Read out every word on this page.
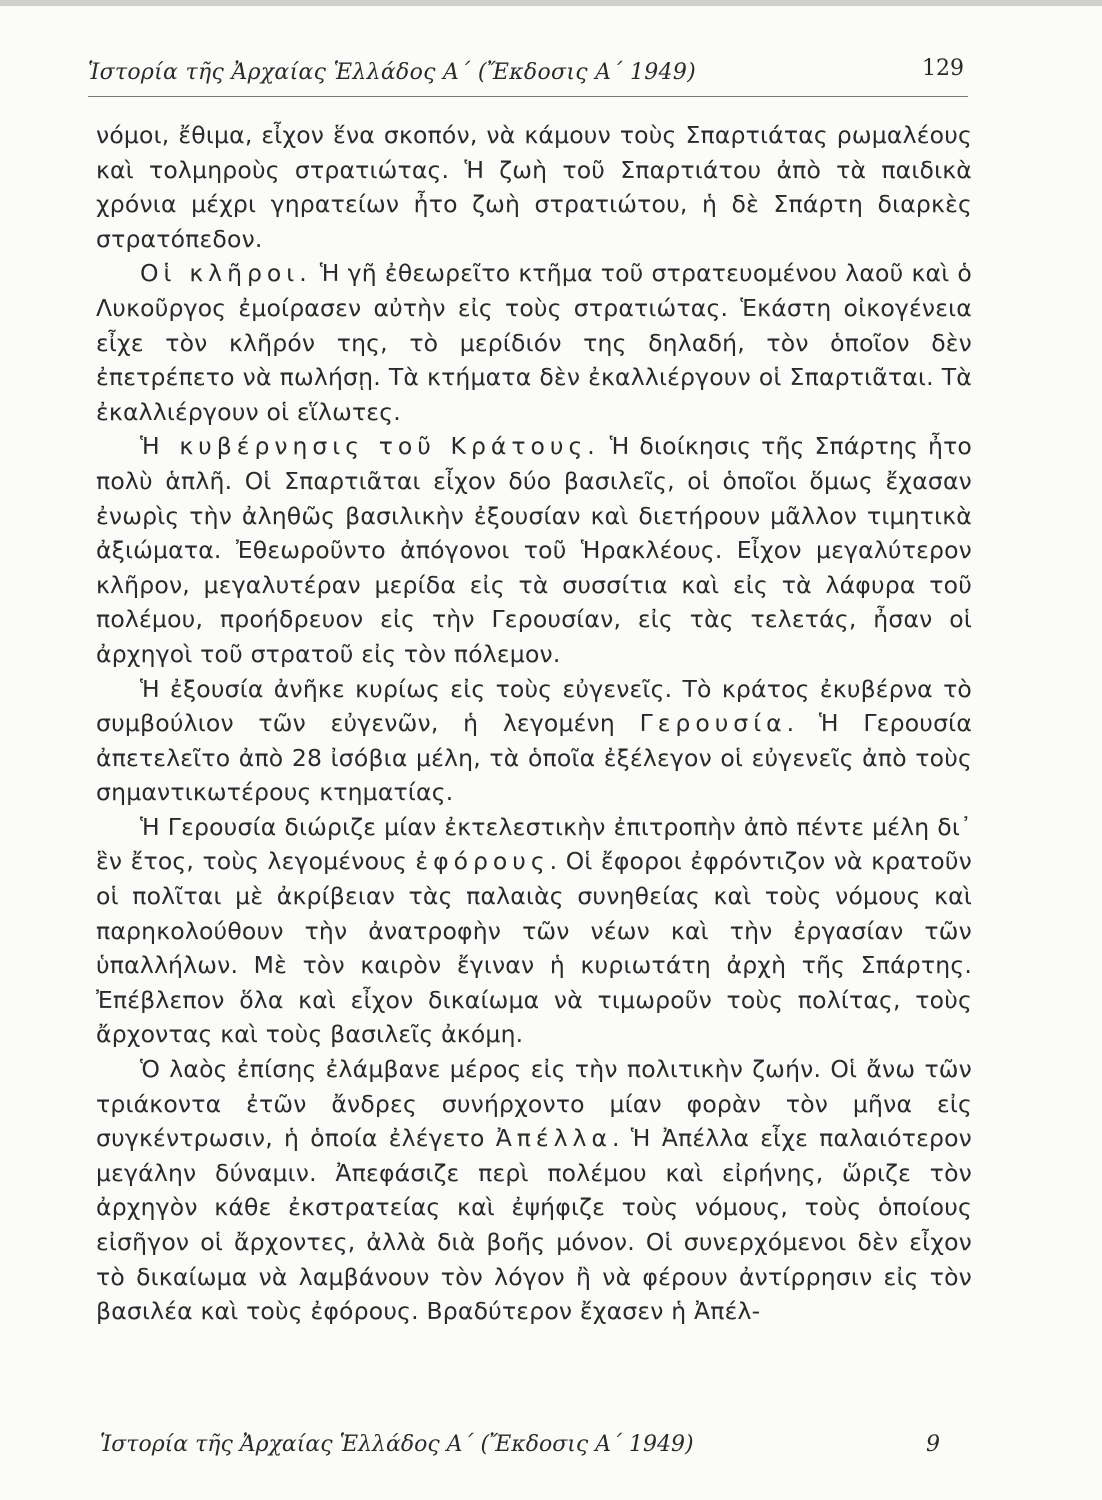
Ἱστορία τῆς Ἀρχαίας Ἑλλάδος Α΄ (Ἔκδοσις Α΄ 1949)	129

νόμοι, ἔθιμα, εἶχον ἕνα σκοπόν, νὰ κάμουν τοὺς Σπαρτιάτας ρωμαλέους καὶ τολμηροὺς στρατιώτας. Ἡ ζωὴ τοῦ Σπαρτιάτου ἀπὸ τὰ παιδικὰ χρόνια μέχρι γηρατείων ἦτο ζωὴ στρατιώτου, ἡ δὲ Σπάρτη διαρκὲς στρατόπεδον.

Οἱ κλῆροι. Ἡ γῆ ἐθεωρεῖτο κτῆμα τοῦ στρατευομένου λαοῦ καὶ ὁ Λυκοῦργος ἐμοίρασεν αὐτὴν εἰς τοὺς στρατιώτας. Ἑκάστη οἰκογένεια εἶχε τὸν κλῆρόν της, τὸ μερίδιόν της δηλαδή, τὸν ὁποῖον δὲν ἐπετρέπετο νὰ πωλήσῃ. Τὰ κτήματα δὲν ἐκαλλιέργουν οἱ Σπαρτιᾶται. Τὰ ἐκαλλιέργουν οἱ εἵλωτες.

Ἡ κυβέρνησις τοῦ Κράτους. Ἡ διοίκησις τῆς Σπάρτης ἦτο πολὺ ἁπλῆ. Οἱ Σπαρτιᾶται εἶχον δύο βασιλεῖς, οἱ ὁποῖοι ὅμως ἔχασαν ἐνωρὶς τὴν ἀληθῶς βασιλικὴν ἐξουσίαν καὶ διετήρουν μᾶλλον τιμητικὰ ἀξιώματα. Ἐθεωροῦντο ἀπόγονοι τοῦ Ἡρακλέους. Εἶχον μεγαλύτερον κλῆρον, μεγαλυτέραν μερίδα εἰς τὰ συσσίτια καὶ εἰς τὰ λάφυρα τοῦ πολέμου, προήδρευον εἰς τὴν Γερουσίαν, εἰς τὰς τελετάς, ἦσαν οἱ ἀρχηγοὶ τοῦ στρατοῦ εἰς τὸν πόλεμον.

Ἡ ἐξουσία ἀνῆκε κυρίως εἰς τοὺς εὐγενεῖς. Τὸ κράτος ἐκυβέρνα τὸ συμβούλιον τῶν εὐγενῶν, ἡ λεγομένη Γερουσία. Ἡ Γερουσία ἀπετελεῖτο ἀπὸ 28 ἰσόβια μέλη, τὰ ὁποῖα ἐξέλεγον οἱ εὐγενεῖς ἀπὸ τοὺς σημαντικωτέρους κτηματίας.

Ἡ Γερουσία διώριζε μίαν ἐκτελεστικὴν ἐπιτροπὴν ἀπὸ πέντε μέλη δι᾿ ἓν ἔτος, τοὺς λεγομένους ἐφόρους. Οἱ ἔφοροι ἐφρόντιζον νὰ κρατοῦν οἱ πολῖται μὲ ἀκρίβειαν τὰς παλαιὰς συνηθείας καὶ τοὺς νόμους καὶ παρηκολούθουν τὴν ἀνατροφὴν τῶν νέων καὶ τὴν ἐργασίαν τῶν ὑπαλλήλων. Μὲ τὸν καιρὸν ἔγιναν ἡ κυριωτάτη ἀρχὴ τῆς Σπάρτης. Ἐπέβλεπον ὅλα καὶ εἶχον δικαίωμα νὰ τιμωροῦν τοὺς πολίτας, τοὺς ἄρχοντας καὶ τοὺς βασιλεῖς ἀκόμη.

Ὁ λαὸς ἐπίσης ἐλάμβανε μέρος εἰς τὴν πολιτικὴν ζωήν. Οἱ ἄνω τῶν τριάκοντα ἐτῶν ἄνδρες συνήρχοντο μίαν φορὰν τὸν μῆνα εἰς συγκέντρωσιν, ἡ ὁποία ἐλέγετο Ἀπέλλα. Ἡ Ἀπέλλα εἶχε παλαιότερον μεγάλην δύναμιν. Ἀπεφάσιζε περὶ πολέμου καὶ εἰρήνης, ὥριζε τὸν ἀρχηγὸν κάθε ἐκστρατείας καὶ ἐψήφιζε τοὺς νόμους, τοὺς ὁποίους εἰσῆγον οἱ ἄρχοντες, ἀλλὰ διὰ βοῆς μόνον. Οἱ συνερχόμενοι δὲν εἶχον τὸ δικαίωμα νὰ λαμβάνουν τὸν λόγον ἢ νὰ φέρουν ἀντίρρησιν εἰς τὸν βασιλέα καὶ τοὺς ἐφόρους. Βραδύτερον ἔχασεν ἡ Ἀπέλ-

Ἱστορία τῆς Ἀρχαίας Ἑλλάδος Α΄ (Ἔκδοσις Α΄ 1949)	9
